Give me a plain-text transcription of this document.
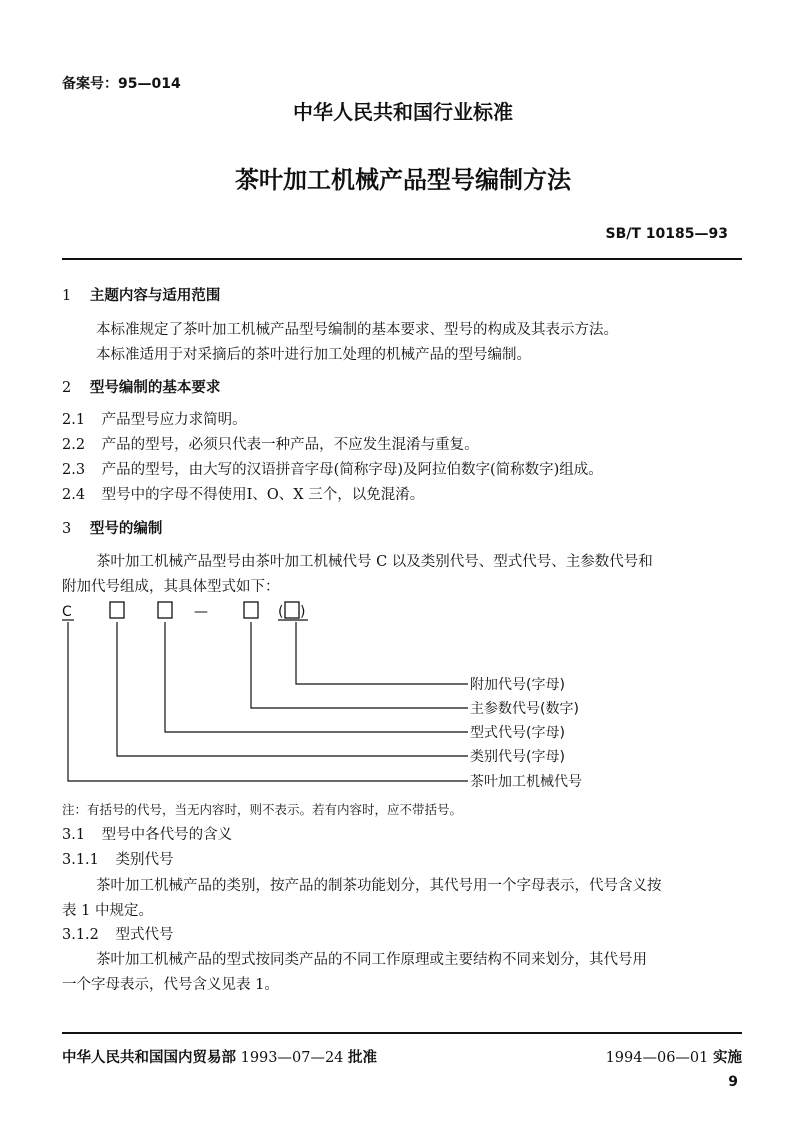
备案号：95—014
中华人民共和国行业标准
茶叶加工机械产品型号编制方法
SB/T 10185—93
1 主题内容与适用范围
本标准规定了茶叶加工机械产品型号编制的基本要求、型号的构成及其表示方法。
本标准适用于对采摘后的茶叶进行加工处理的机械产品的型号编制。
2 型号编制的基本要求
2.1 产品型号应力求简明。
2.2 产品的型号，必须只代表一种产品，不应发生混淆与重复。
2.3 产品的型号，由大写的汉语拼音字母(简称字母)及阿拉伯数字(简称数字)组成。
2.4 型号中的字母不得使用I、O、X 三个，以免混淆。
3 型号的编制
茶叶加工机械产品型号由茶叶加工机械代号 C 以及类别代号、型式代号、主参数代号和
附加代号组成，其具体型式如下：
C	—	( )
附加代号(字母)
主参数代号(数字)
型式代号(字母)
类别代号(字母)
茶叶加工机械代号
注：有括号的代号，当无内容时，则不表示。若有内容时，应不带括号。
3.1 型号中各代号的含义
3.1.1 类别代号
茶叶加工机械产品的类别，按产品的制茶功能划分，其代号用一个字母表示，代号含义按
表 1 中规定。
3.1.2 型式代号
茶叶加工机械产品的型式按同类产品的不同工作原理或主要结构不同来划分，其代号用
一个字母表示，代号含义见表 1。
中华人民共和国国内贸易部 1993—07—24 批准	1994—06—01 实施
9
